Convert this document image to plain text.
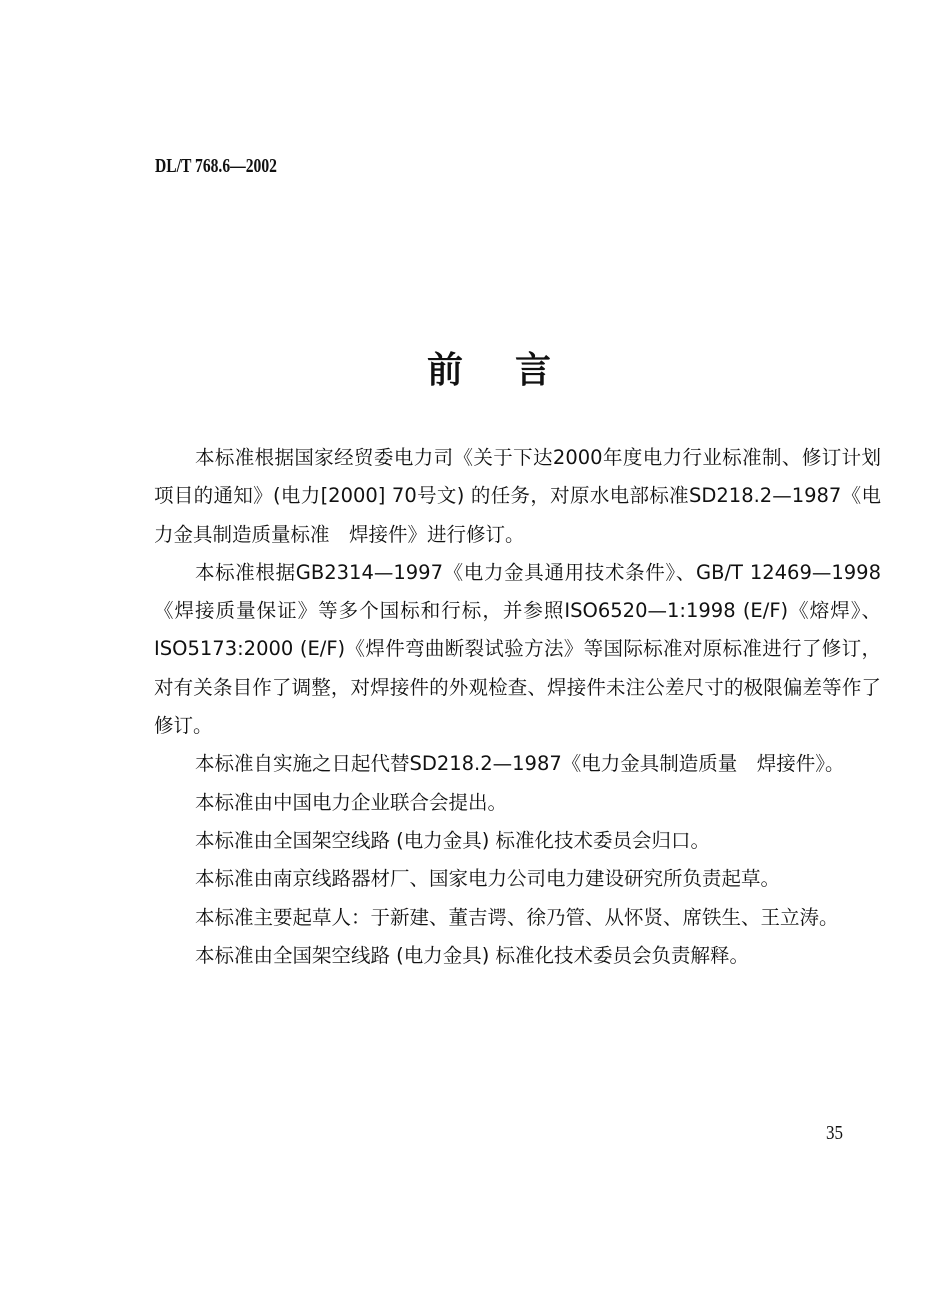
DL/T 768.6—2002
前言

本标准根据国家经贸委电力司《关于下达2000年度电力行业标准制、修订计划项目的通知》(电力[2000] 70号文) 的任务，对原水电部标准SD218.2—1987《电力金具制造质量标准　焊接件》进行修订。

本标准根据GB2314—1997《电力金具通用技术条件》、GB/T 12469—1998《焊接质量保证》等多个国标和行标，并参照ISO6520—1:1998 (E/F)《熔焊》、ISO5173:2000 (E/F)《焊件弯曲断裂试验方法》等国际标准对原标准进行了修订，对有关条目作了调整，对焊接件的外观检查、焊接件未注公差尺寸的极限偏差等作了修订。

本标准自实施之日起代替SD218.2—1987《电力金具制造质量　焊接件》。

本标准由中国电力企业联合会提出。

本标准由全国架空线路 (电力金具) 标准化技术委员会归口。

本标准由南京线路器材厂、国家电力公司电力建设研究所负责起草。

本标准主要起草人：于新建、董吉谔、徐乃管、从怀贤、席铁生、王立涛。

本标准由全国架空线路 (电力金具) 标准化技术委员会负责解释。

35
